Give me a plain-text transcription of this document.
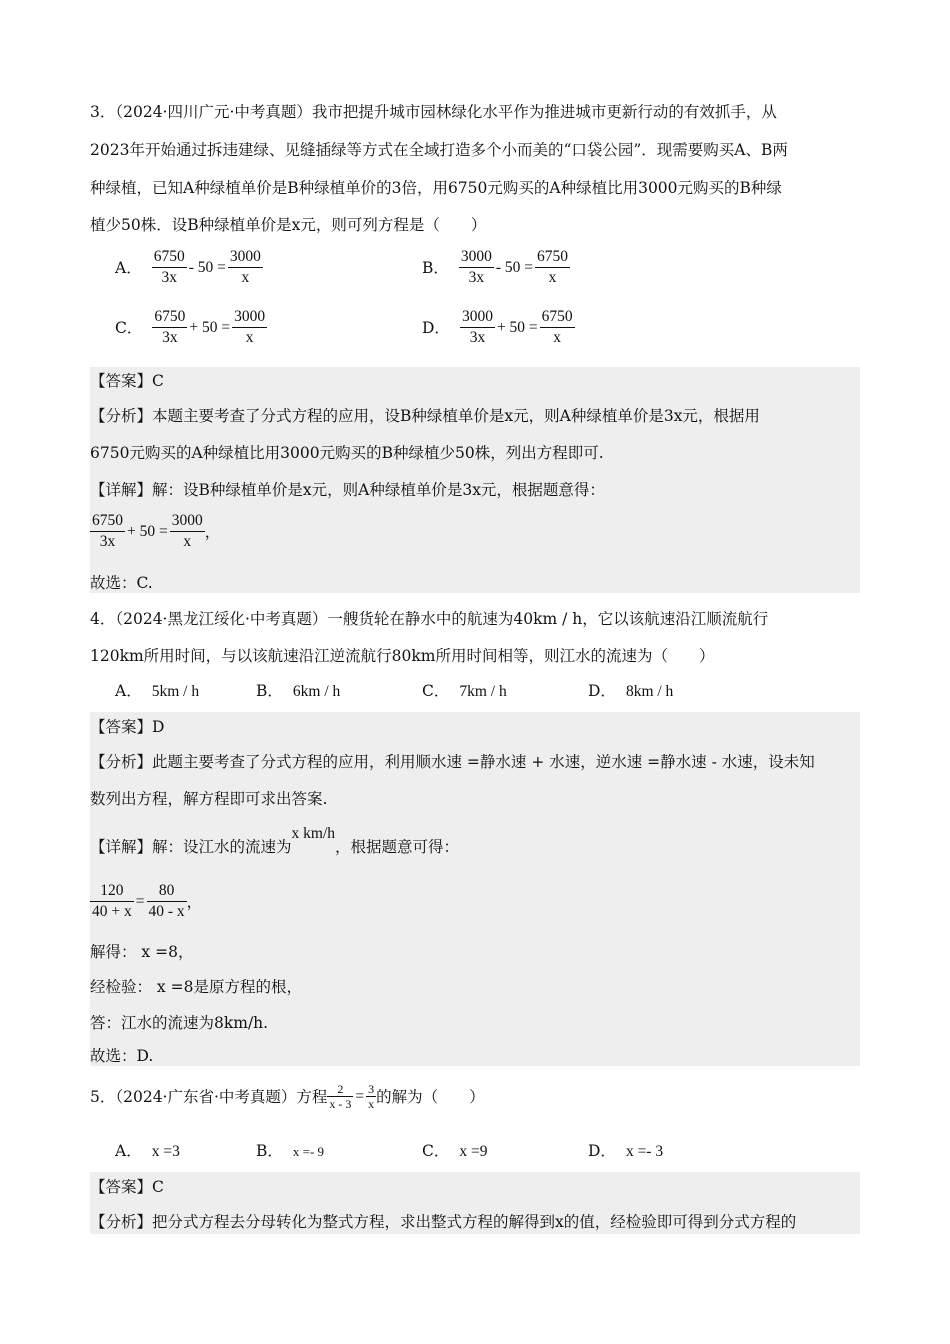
3．（2024·四川广元·中考真题）我市把提升城市园林绿化水平作为推进城市更新行动的有效抓手，从
2023年开始通过拆违建绿、见缝插绿等方式在全域打造多个小而美的“口袋公园”．现需要购买A、B两
种绿植，已知A种绿植单价是B种绿植单价的3倍，用6750元购买的A种绿植比用3000元购买的B种绿
植少50株．设B种绿植单价是x元，则可列方程是（　　）
A． $\frac{6750}{3x} - 50 = \frac{3000}{x}$	B． $\frac{3000}{3x} - 50 = \frac{6750}{x}$
C． $\frac{6750}{3x} + 50 = \frac{3000}{x}$	D． $\frac{3000}{3x} + 50 = \frac{6750}{x}$
【答案】C
【分析】本题主要考查了分式方程的应用，设B种绿植单价是x元，则A种绿植单价是3x元，根据用
6750元购买的A种绿植比用3000元购买的B种绿植少50株，列出方程即可.
【详解】解：设B种绿植单价是x元，则A种绿植单价是3x元，根据题意得：
$\frac{6750}{3x} + 50 = \frac{3000}{x}$ ，
故选：C.
4．（2024·黑龙江绥化·中考真题）一艘货轮在静水中的航速为40km / h，它以该航速沿江顺流航行
120km所用时间，与以该航速沿江逆流航行80km所用时间相等，则江水的流速为（　　）
A． 5km / h	B． 6km / h	C． 7km / h	D． 8km / h
【答案】D
【分析】此题主要考查了分式方程的应用，利用顺水速 =静水速 + 水速，逆水速 =静水速 - 水速，设未知
数列出方程，解方程即可求出答案.
【详解】解：设江水的流速为x km/h，根据题意可得：
$\frac{120}{40 + x} = \frac{80}{40 - x}$ ，
解得： x =8，
经检验： x =8是原方程的根，
答：江水的流速为8km/h.
故选：D.
5．（2024·广东省·中考真题）方程 $\frac{2}{x - 3} = \frac{3}{x}$ 的解为（　　）
A． x =3	B． x =- 9	C． x =9	D． x =- 3
【答案】C
【分析】把分式方程去分母转化为整式方程，求出整式方程的解得到x的值，经检验即可得到分式方程的
